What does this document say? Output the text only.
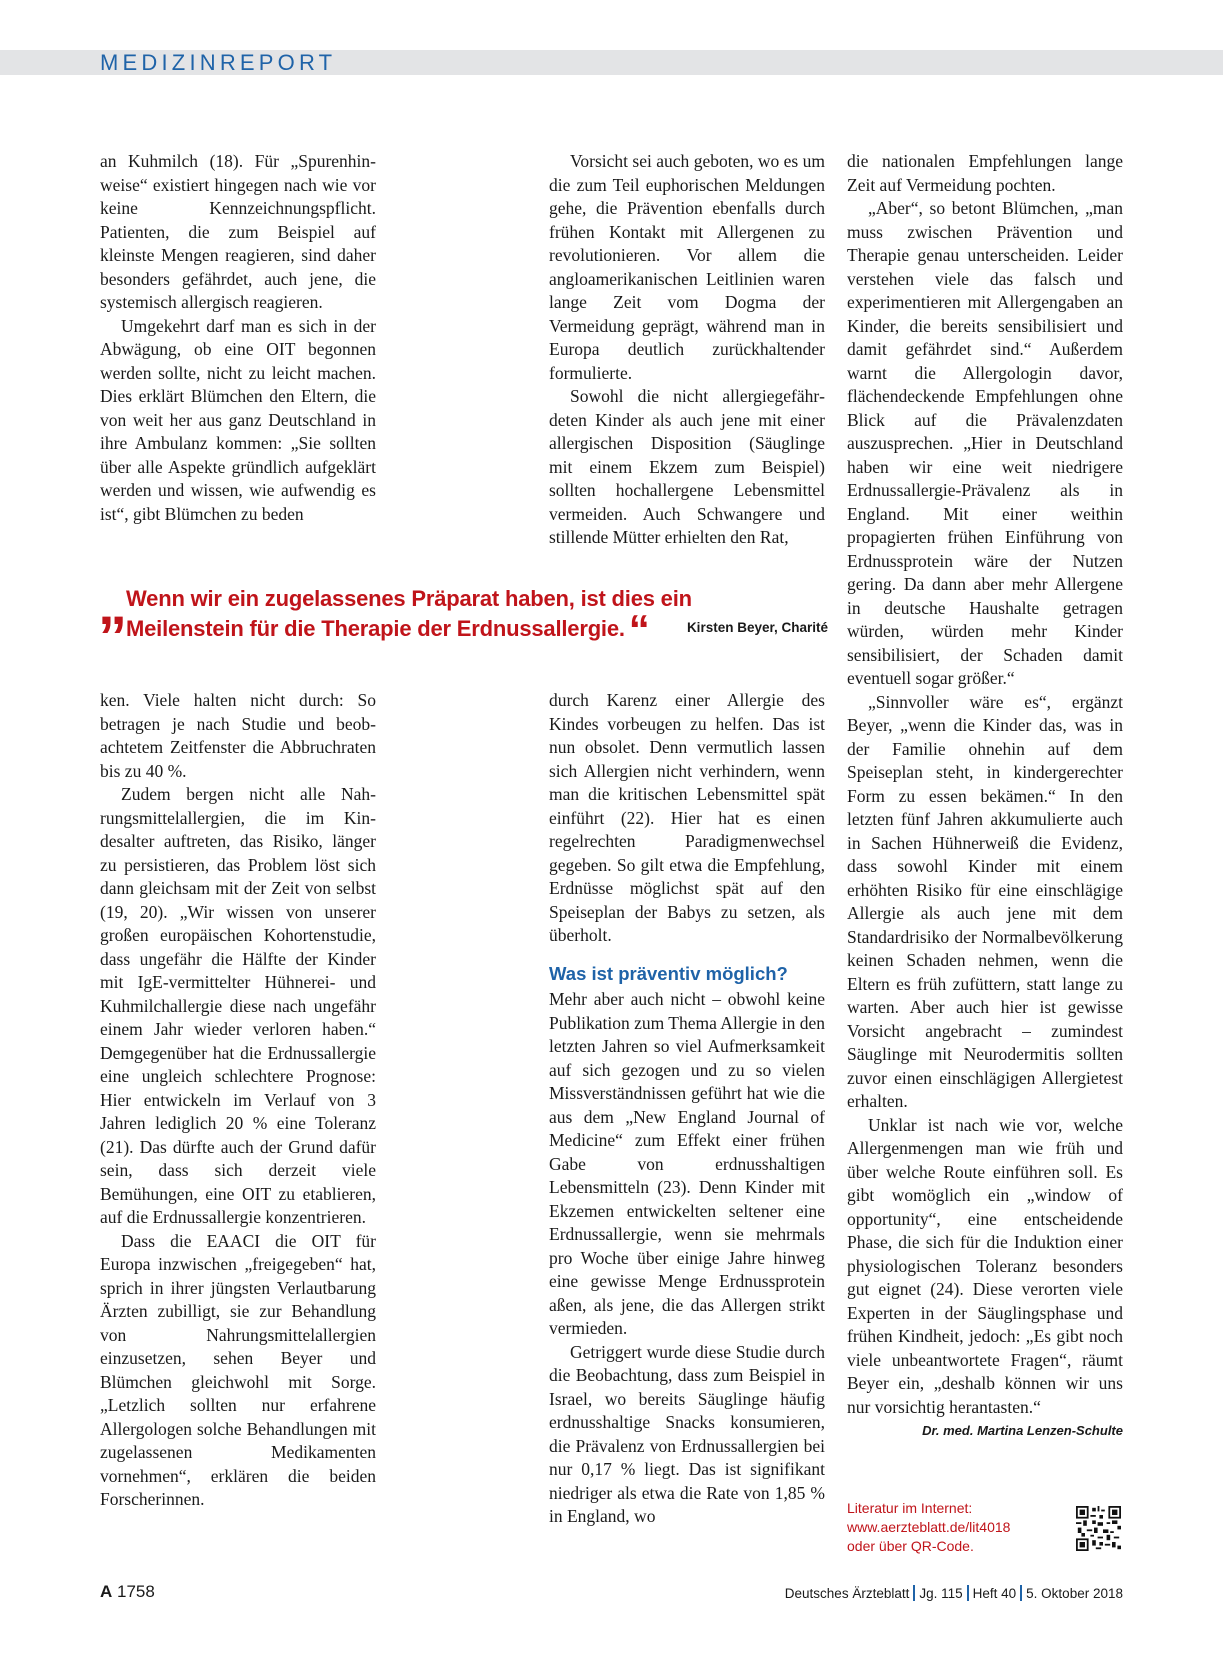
MEDIZINREPORT

an Kuhmilch (18). Für „Spurenhinweise“ existiert hingegen nach wie vor keine Kennzeichnungspflicht. Patienten, die zum Beispiel auf kleinste Mengen reagieren, sind daher besonders gefährdet, auch jene, die systemisch allergisch reagieren.

Umgekehrt darf man es sich in der Abwägung, ob eine OIT begonnen werden sollte, nicht zu leicht machen. Dies erklärt Blümchen den Eltern, die von weit her aus ganz Deutschland in ihre Ambulanz kommen: „Sie sollten über alle Aspekte gründlich aufgeklärt werden und wissen, wie aufwendig es ist“, gibt Blümchen zu beden

Vorsicht sei auch geboten, wo es um die zum Teil euphorischen Meldungen gehe, die Prävention ebenfalls durch frühen Kontakt mit Allergenen zu revolutionieren. Vor allem die angloamerikanischen Leitlinien waren lange Zeit vom Dogma der Vermeidung geprägt, während man in Europa deutlich zurückhaltender formulierte.

Sowohl die nicht allergiegefährdeten Kinder als auch jene mit einer allergischen Disposition (Säuglinge mit einem Ekzem zum Beispiel) sollten hochallergene Lebensmittel vermeiden. Auch Schwangere und stillende Mütter erhielten den Rat,

„ Wenn wir ein zugelassenes Präparat haben, ist dies ein
Meilenstein für die Therapie der Erdnussallergie.“	Kirsten Beyer, Charité

ken. Viele halten nicht durch: So betragen je nach Studie und beobachtetem Zeitfenster die Abbruchraten bis zu 40 %.

Zudem bergen nicht alle Nahrungsmittelallergien, die im Kindesalter auftreten, das Risiko, länger zu persistieren, das Problem löst sich dann gleichsam mit der Zeit von selbst (19, 20). „Wir wissen von unserer großen europäischen Kohortenstudie, dass ungefähr die Hälfte der Kinder mit IgE-vermittelter Hühnerei- und Kuhmilchallergie diese nach ungefähr einem Jahr wieder verloren haben.“ Demgegenüber hat die Erdnussallergie eine ungleich schlechtere Prognose: Hier entwickeln im Verlauf von 3 Jahren lediglich 20 % eine Toleranz (21). Das dürfte auch der Grund dafür sein, dass sich derzeit viele Bemühungen, eine OIT zu etablieren, auf die Erdnussallergie konzentrieren.

Dass die EAACI die OIT für Europa inzwischen „freigegeben“ hat, sprich in ihrer jüngsten Verlautbarung Ärzten zubilligt, sie zur Behandlung von Nahrungsmittelallergien einzusetzen, sehen Beyer und Blümchen gleichwohl mit Sorge. „Letzlich sollten nur erfahrene Allergologen solche Behandlungen mit zugelassenen Medikamenten vornehmen“, erklären die beiden Forscherinnen.

durch Karenz einer Allergie des Kindes vorbeugen zu helfen. Das ist nun obsolet. Denn vermutlich lassen sich Allergien nicht verhindern, wenn man die kritischen Lebensmittel spät einführt (22). Hier hat es einen regelrechten Paradigmenwechsel gegeben. So gilt etwa die Empfehlung, Erdnüsse möglichst spät auf den Speiseplan der Babys zu setzen, als überholt.

Was ist präventiv möglich?

Mehr aber auch nicht – obwohl keine Publikation zum Thema Allergie in den letzten Jahren so viel Aufmerksamkeit auf sich gezogen und zu so vielen Missverständnissen geführt hat wie die aus dem „New England Journal of Medicine“ zum Effekt einer frühen Gabe von erdnusshaltigen Lebensmitteln (23). Denn Kinder mit Ekzemen entwickelten seltener eine Erdnussallergie, wenn sie mehrmals pro Woche über einige Jahre hinweg eine gewisse Menge Erdnussprotein aßen, als jene, die das Allergen strikt vermieden.

Getriggert wurde diese Studie durch die Beobachtung, dass zum Beispiel in Israel, wo bereits Säuglinge häufig erdnusshaltige Snacks konsumieren, die Prävalenz von Erdnussallergien bei nur 0,17 % liegt. Das ist signifikant niedriger als etwa die Rate von 1,85 % in England, wo

die nationalen Empfehlungen lange Zeit auf Vermeidung pochten.

„Aber“, so betont Blümchen, „man muss zwischen Prävention und Therapie genau unterscheiden. Leider verstehen viele das falsch und experimentieren mit Allergengaben an Kinder, die bereits sensibilisiert und damit gefährdet sind.“ Außerdem warnt die Allergologin davor, flächendeckende Empfehlungen ohne Blick auf die Prävalenzdaten auszusprechen. „Hier in Deutschland haben wir eine weit niedrigere Erdnussallergie-Prävalenz als in England. Mit einer weithin propagierten frühen Einführung von Erdnussprotein wäre der Nutzen gering. Da dann aber mehr Allergene in deutsche Haushalte getragen würden, würden mehr Kinder sensibilisiert, der Schaden damit eventuell sogar größer.“

„Sinnvoller wäre es“, ergänzt Beyer, „wenn die Kinder das, was in der Familie ohnehin auf dem Speiseplan steht, in kindergerechter Form zu essen bekämen.“ In den letzten fünf Jahren akkumulierte auch in Sachen Hühnerweiß die Evidenz, dass sowohl Kinder mit einem erhöhten Risiko für eine einschlägige Allergie als auch jene mit dem Standardrisiko der Normalbevölkerung keinen Schaden nehmen, wenn die Eltern es früh zufüttern, statt lange zu warten. Aber auch hier ist gewisse Vorsicht angebracht – zumindest Säuglinge mit Neurodermitis sollten zuvor einen einschlägigen Allergietest erhalten.

Unklar ist nach wie vor, welche Allergenmengen man wie früh und über welche Route einführen soll. Es gibt womöglich ein „window of opportunity“, eine entscheidende Phase, die sich für die Induktion einer physiologischen Toleranz besonders gut eignet (24). Diese verorten viele Experten in der Säuglingsphase und frühen Kindheit, jedoch: „Es gibt noch viele unbeantwortete Fragen“, räumt Beyer ein, „deshalb können wir uns nur vorsichtig herantasten.“

Dr. med. Martina Lenzen-Schulte
Literatur im Internet:
www.aerzteblatt.de/lit4018
oder über QR-Code.
A 1758	Deutsches Ärzteblatt Jg. 115 Heft 40 5. Oktober 2018
